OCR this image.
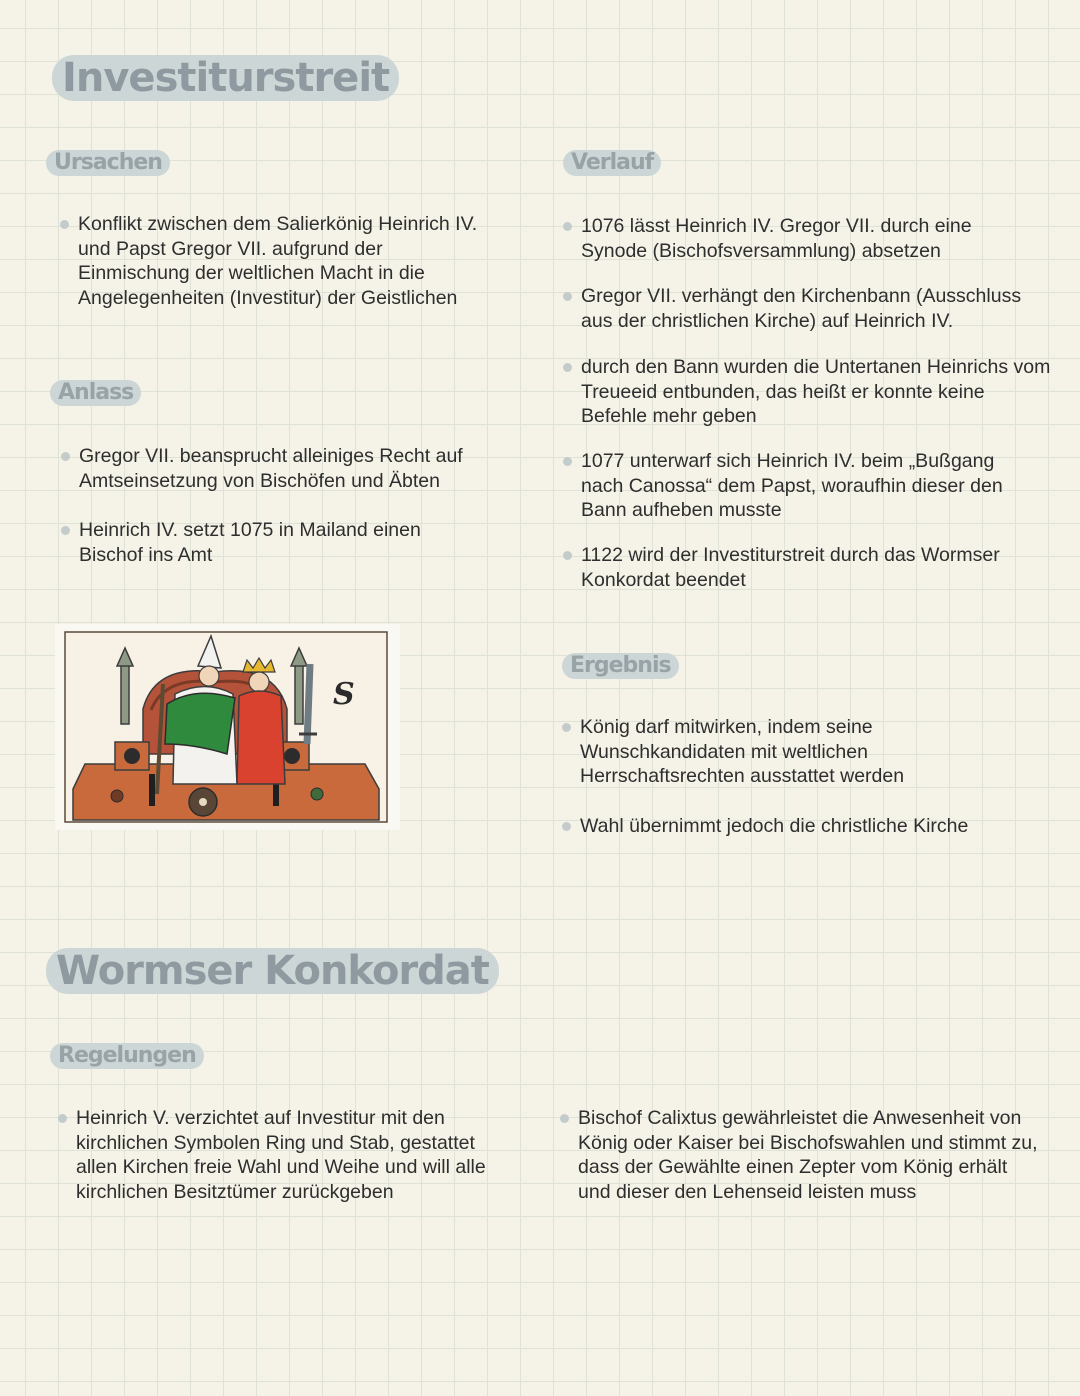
Investiturstreit
Ursachen	Verlauf
Anlass
Ergebnis
Konflikt zwischen dem Salierkönig Heinrich IV. und Papst Gregor VII. aufgrund der Einmischung der weltlichen Macht in die Angelegenheiten (Investitur) der Geistlichen
Gregor VII. beansprucht alleiniges Recht auf Amtseinsetzung von Bischöfen und Äbten
Heinrich IV. setzt 1075 in Mailand einen Bischof ins Amt
1076 lässt Heinrich IV. Gregor VII. durch eine Synode (Bischofsversammlung) absetzen
Gregor VII. verhängt den Kirchenbann (Ausschluss aus der christlichen Kirche) auf Heinrich IV.
durch den Bann wurden die Untertanen Heinrichs vom Treueeid entbunden, das heißt er konnte keine Befehle mehr geben
1077 unterwarf sich Heinrich IV. beim „Bußgang nach Canossa“ dem Papst, woraufhin dieser den Bann aufheben musste
1122 wird der Investiturstreit durch das Wormser Konkordat beendet
König darf mitwirken, indem seine Wunschkandidaten mit weltlichen Herrschaftsrechten ausstattet werden
Wahl übernimmt jedoch die christliche Kirche
S
Wormser Konkordat
Regelungen
Heinrich V. verzichtet auf Investitur mit den kirchlichen Symbolen Ring und Stab, gestattet allen Kirchen freie Wahl und Weihe und will alle kirchlichen Besitztümer zurückgeben
Bischof Calixtus gewährleistet die Anwesenheit von König oder Kaiser bei Bischofswahlen und stimmt zu, dass der Gewählte einen Zepter vom König erhält und dieser den Lehenseid leisten muss
